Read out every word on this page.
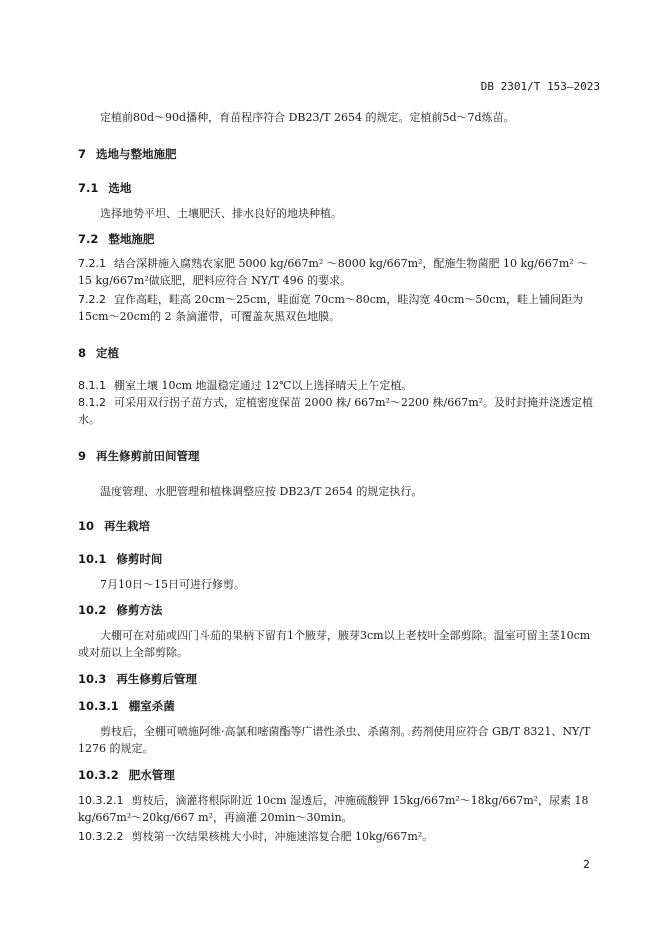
DB 2301/T 153—2023
定植前80d～90d播种，育苗程序符合 DB23/T 2654 的规定。定植前5d～7d炼苗。
7 选地与整地施肥
7.1 选地
选择地势平坦、土壤肥沃、排水良好的地块种植。
7.2 整地施肥
7.2.1 结合深耕施入腐熟农家肥 5000 kg/667m² ～8000 kg/667m²，配施生物菌肥 10 kg/667m² ～15 kg/667m²做底肥，肥料应符合 NY/T 496 的要求。
7.2.2 宜作高畦，畦高 20cm～25cm，畦面宽 70cm～80cm，畦沟宽 40cm～50cm，畦上铺间距为 15cm～20cm的 2 条滴灌带，可覆盖灰黑双色地膜。
8 定植
8.1.1 棚室土壤 10cm 地温稳定通过 12℃以上选择晴天上午定植。
8.1.2 可采用双行拐子苗方式，定植密度保苗 2000 株/ 667m²～2200 株/667m²。及时封掩并浇透定植水。
9 再生修剪前田间管理
温度管理、水肥管理和植株调整应按 DB23/T 2654 的规定执行。
10 再生栽培
10.1 修剪时间
7月10日～15日可进行修剪。
10.2 修剪方法
大棚可在对茄或四门斗茄的果柄下留有1个腋芽，腋芽3cm以上老枝叶全部剪除。温室可留主茎10cm或对茄以上全部剪除。
10.3 再生修剪后管理
10.3.1 棚室杀菌
剪枝后，全棚可喷施阿维·高氯和嘧菌酯等广谱性杀虫、杀菌剂。药剂使用应符合 GB/T 8321、NY/T 1276 的规定。
10.3.2 肥水管理
10.3.2.1 剪枝后，滴灌将根际附近 10cm 湿透后，冲施硫酸钾 15kg/667m²～18kg/667m²，尿素 18 kg/667m²～20kg/667 m²，再滴灌 20min～30min。
10.3.2.2 剪枝第一次结果核桃大小时，冲施速溶复合肥 10kg/667m²。
2
